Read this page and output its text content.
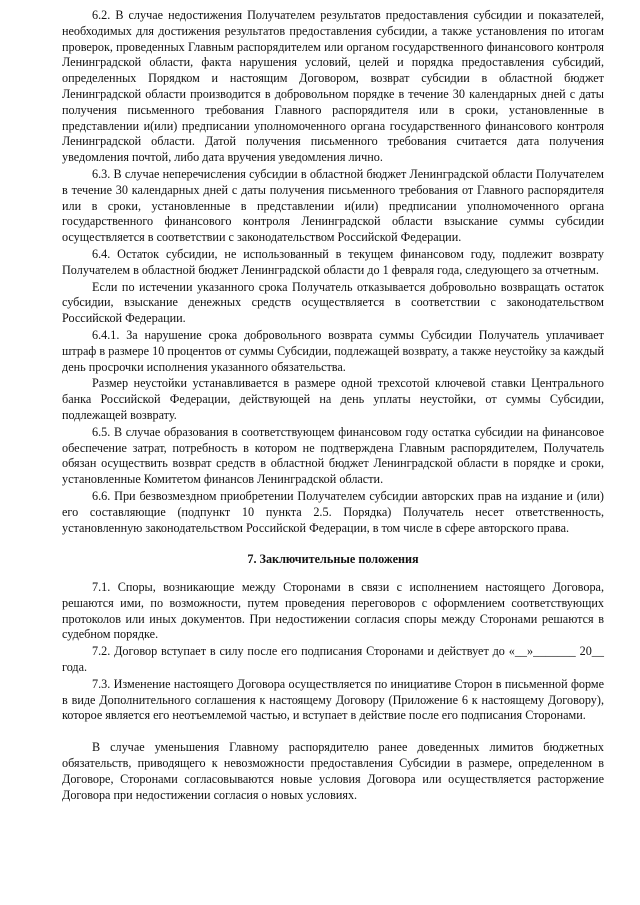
6.2. В случае недостижения Получателем результатов предоставления субсидии и показателей, необходимых для достижения результатов предоставления субсидии, а также установления по итогам проверок, проведенных Главным распорядителем или органом государственного финансового контроля Ленинградской области, факта нарушения условий, целей и порядка предоставления субсидий, определенных Порядком и настоящим Договором, возврат субсидии в областной бюджет Ленинградской области производится в добровольном порядке в течение 30 календарных дней с даты получения письменного требования Главного распорядителя или в сроки, установленные в представлении и(или) предписании уполномоченного органа государственного финансового контроля Ленинградской области. Датой получения письменного требования считается дата получения уведомления почтой, либо дата вручения уведомления лично.

6.3. В случае неперечисления субсидии в областной бюджет Ленинградской области Получателем в течение 30 календарных дней с даты получения письменного требования от Главного распорядителя или в сроки, установленные в представлении и(или) предписании уполномоченного органа государственного финансового контроля Ленинградской области взыскание суммы субсидии осуществляется в соответствии с законодательством Российской Федерации.

6.4. Остаток субсидии, не использованный в текущем финансовом году, подлежит возврату Получателем в областной бюджет Ленинградской области до 1 февраля года, следующего за отчетным.

Если по истечении указанного срока Получатель отказывается добровольно возвращать остаток субсидии, взыскание денежных средств осуществляется в соответствии с законодательством Российской Федерации.

6.4.1. За нарушение срока добровольного возврата суммы Субсидии Получатель уплачивает штраф в размере 10 процентов от суммы Субсидии, подлежащей возврату, а также неустойку за каждый день просрочки исполнения указанного обязательства.

Размер неустойки устанавливается в размере одной трехсотой ключевой ставки Центрального банка Российской Федерации, действующей на день уплаты неустойки, от суммы Субсидии, подлежащей возврату.

6.5. В случае образования в соответствующем финансовом году остатка субсидии на финансовое обеспечение затрат, потребность в котором не подтверждена Главным распорядителем, Получатель обязан осуществить возврат средств в областной бюджет Ленинградской области в порядке и сроки, установленные Комитетом финансов Ленинградской области.

6.6. При безвозмездном приобретении Получателем субсидии авторских прав на издание и (или) его составляющие (подпункт 10 пункта 2.5. Порядка) Получатель несет ответственность, установленную законодательством Российской Федерации, в том числе в сфере авторского права.

7. Заключительные положения

7.1. Споры, возникающие между Сторонами в связи с исполнением настоящего Договора, решаются ими, по возможности, путем проведения переговоров с оформлением соответствующих протоколов или иных документов. При недостижении согласия споры между Сторонами решаются в судебном порядке.

7.2. Договор вступает в силу после его подписания Сторонами и действует до «__»_______ 20__ года.

7.3. Изменение настоящего Договора осуществляется по инициативе Сторон в письменной форме в виде Дополнительного соглашения к настоящему Договору (Приложение 6 к настоящему Договору), которое является его неотъемлемой частью, и вступает в действие после его подписания Сторонами.

В случае уменьшения Главному распорядителю ранее доведенных лимитов бюджетных обязательств, приводящего к невозможности предоставления Субсидии в размере, определенном в Договоре, Сторонами согласовываются новые условия Договора или осуществляется расторжение Договора при недостижении согласия о новых условиях.
